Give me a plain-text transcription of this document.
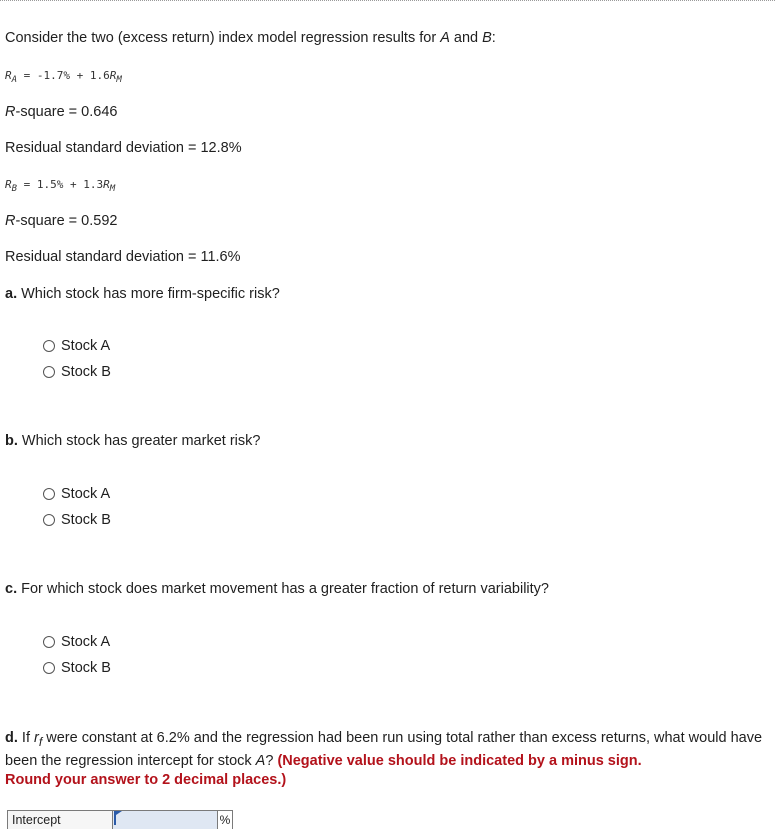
Consider the two (excess return) index model regression results for A and B:
$R_A = -1.7\% + 1.6R_M$
R-square = 0.646
Residual standard deviation = 12.8%
$R_B = 1.5\% + 1.3R_M$
R-square = 0.592
Residual standard deviation = 11.6%
a. Which stock has more firm-specific risk?
Stock A
Stock B
b. Which stock has greater market risk?
Stock A
Stock B
c. For which stock does market movement has a greater fraction of return variability?
Stock A
Stock B
d. If $r_f$ were constant at 6.2% and the regression had been run using total rather than excess returns, what would have been the regression intercept for stock A? (Negative value should be indicated by a minus sign.
Round your answer to 2 decimal places.)
Intercept	%
